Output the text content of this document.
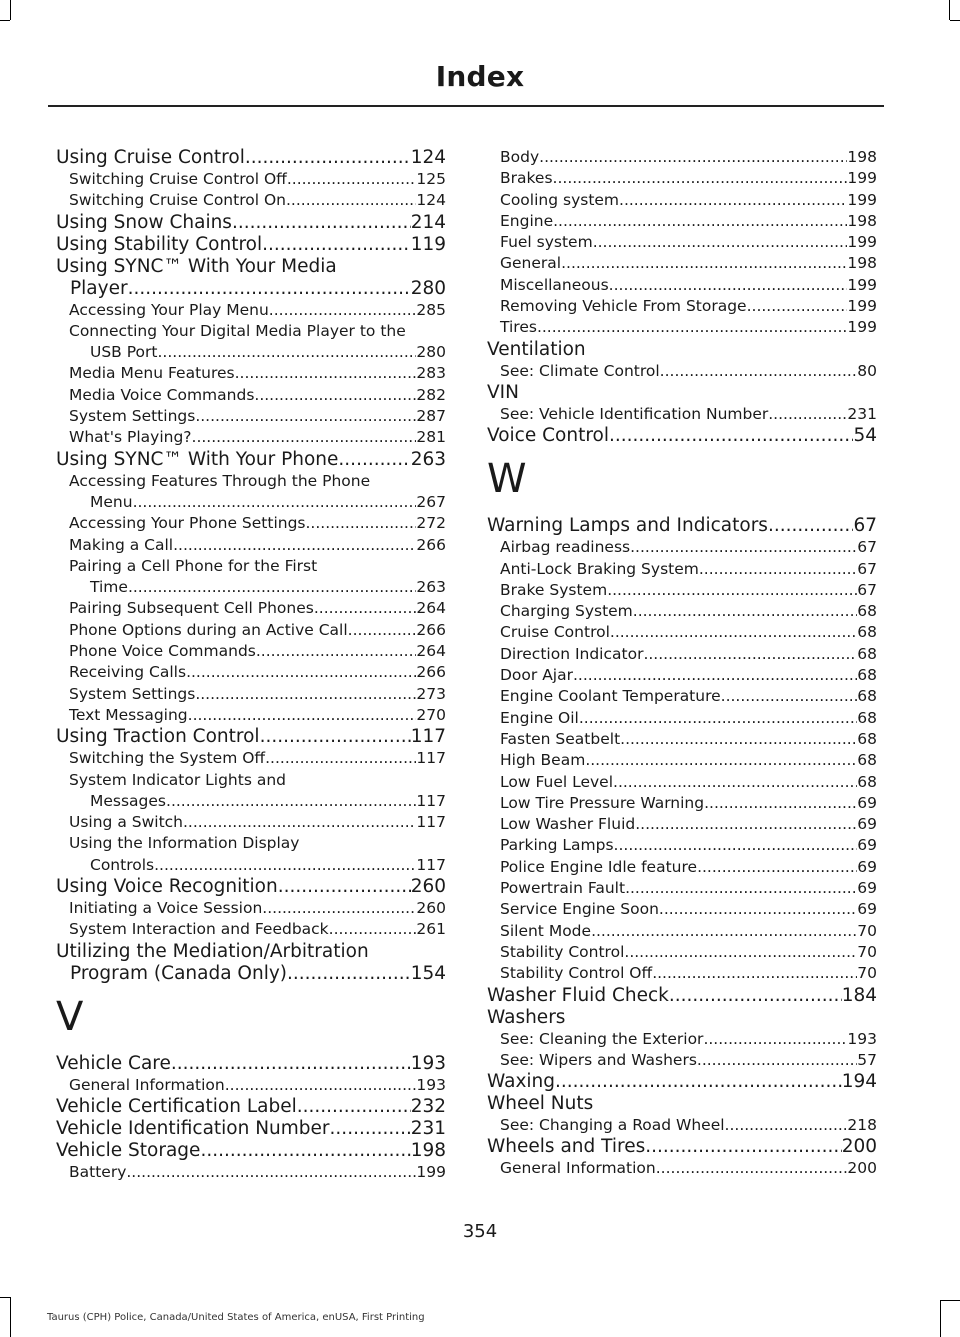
Index
Using Cruise Control .....	124
Switching Cruise Control Off .....	125
Switching Cruise Control On .....	124
Using Snow Chains .....	214
Using Stability Control .....	119
Using SYNC™ With Your Media
Player .....	280
Accessing Your Play Menu .....	285
Connecting Your Digital Media Player to the
USB Port .....	280
Media Menu Features .....	283
Media Voice Commands .....	282
System Settings .....	287
What's Playing? .....	281
Using SYNC™ With Your Phone .....	263
Accessing Features Through the Phone
Menu .....	267
Accessing Your Phone Settings .....	272
Making a Call .....	266
Pairing a Cell Phone for the First
Time .....	263
Pairing Subsequent Cell Phones .....	264
Phone Options during an Active Call .....	266
Phone Voice Commands .....	264
Receiving Calls .....	266
System Settings .....	273
Text Messaging .....	270
Using Traction Control .....	117
Switching the System Off .....	117
System Indicator Lights and
Messages .....	117
Using a Switch .....	117
Using the Information Display
Controls .....	117
Using Voice Recognition .....	260
Initiating a Voice Session .....	260
System Interaction and Feedback .....	261
Utilizing the Mediation/Arbitration
Program (Canada Only) .....	154
V
Vehicle Care .....	193
General Information .....	193
Vehicle Certification Label .....	232
Vehicle Identification Number .....	231
Vehicle Storage .....	198
Battery .....	199
Body .....	198
Brakes .....	199
Cooling system .....	199
Engine .....	198
Fuel system .....	199
General .....	198
Miscellaneous .....	199
Removing Vehicle From Storage .....	199
Tires .....	199
Ventilation
See: Climate Control .....	80
VIN
See: Vehicle Identification Number .....	231
Voice Control .....	54
W
Warning Lamps and Indicators .....	67
Airbag readiness .....	67
Anti-Lock Braking System .....	67
Brake System .....	67
Charging System .....	68
Cruise Control .....	68
Direction Indicator .....	68
Door Ajar .....	68
Engine Coolant Temperature .....	68
Engine Oil .....	68
Fasten Seatbelt .....	68
High Beam .....	68
Low Fuel Level .....	68
Low Tire Pressure Warning .....	69
Low Washer Fluid .....	69
Parking Lamps .....	69
Police Engine Idle feature .....	69
Powertrain Fault .....	69
Service Engine Soon .....	69
Silent Mode .....	70
Stability Control .....	70
Stability Control Off .....	70
Washer Fluid Check .....	184
Washers
See: Cleaning the Exterior .....	193
See: Wipers and Washers .....	57
Waxing .....	194
Wheel Nuts
See: Changing a Road Wheel .....	218
Wheels and Tires .....	200
General Information .....	200
354
Taurus (CPH) Police, Canada/United States of America, enUSA, First Printing
